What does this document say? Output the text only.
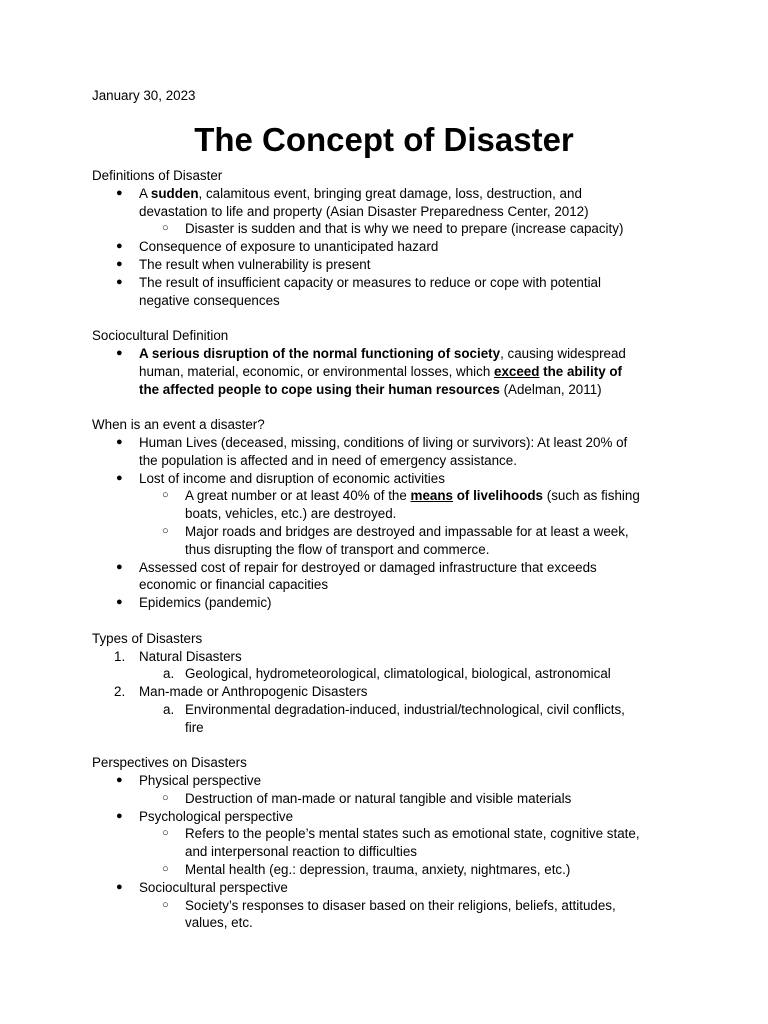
January 30, 2023
The Concept of Disaster
Definitions of Disaster
● A sudden, calamitous event, bringing great damage, loss, destruction, and
devastation to life and property (Asian Disaster Preparedness Center, 2012)
○ Disaster is sudden and that is why we need to prepare (increase capacity)
● Consequence of exposure to unanticipated hazard
● The result when vulnerability is present
● The result of insufficient capacity or measures to reduce or cope with potential
negative consequences
Sociocultural Definition
● A serious disruption of the normal functioning of society, causing widespread
human, material, economic, or environmental losses, which exceed the ability of
the affected people to cope using their human resources (Adelman, 2011)
When is an event a disaster?
● Human Lives (deceased, missing, conditions of living or survivors): At least 20% of
the population is affected and in need of emergency assistance.
● Lost of income and disruption of economic activities
○ A great number or at least 40% of the means of livelihoods (such as fishing
boats, vehicles, etc.) are destroyed.
○ Major roads and bridges are destroyed and impassable for at least a week,
thus disrupting the flow of transport and commerce.
● Assessed cost of repair for destroyed or damaged infrastructure that exceeds
economic or financial capacities
● Epidemics (pandemic)
Types of Disasters
1. Natural Disasters
a. Geological, hydrometeorological, climatological, biological, astronomical
2. Man-made or Anthropogenic Disasters
a. Environmental degradation-induced, industrial/technological, civil conflicts,
fire
Perspectives on Disasters
● Physical perspective
○ Destruction of man-made or natural tangible and visible materials
● Psychological perspective
○ Refers to the people’s mental states such as emotional state, cognitive state,
and interpersonal reaction to difficulties
○ Mental health (eg.: depression, trauma, anxiety, nightmares, etc.)
● Sociocultural perspective
○ Society’s responses to disaser based on their religions, beliefs, attitudes,
values, etc.
